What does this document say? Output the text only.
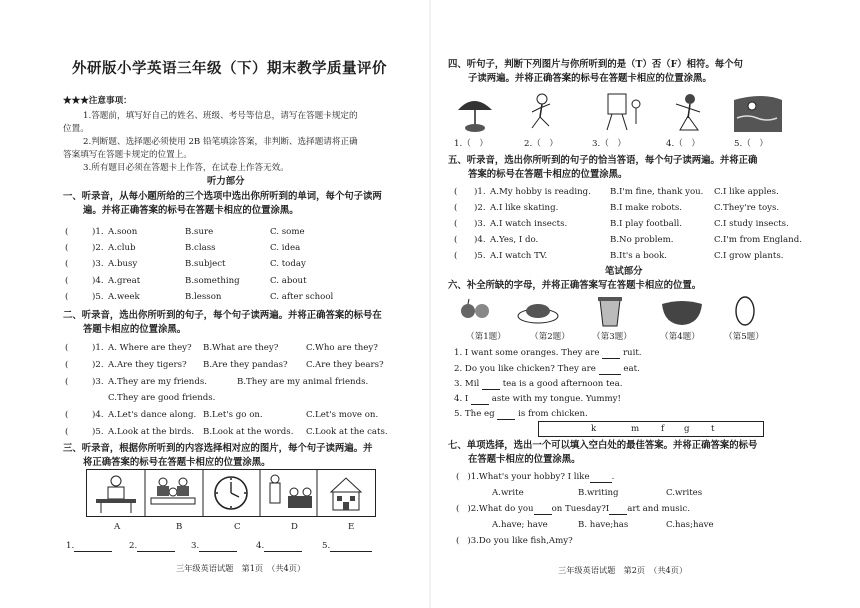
外研版小学英语三年级（下）期末教学质量评价
★★★注意事项：
1.答题前，填写好自己的姓名、班级、考号等信息，请写在答题卡规定的
位置。
2.判断题、选择题必须使用 2B 铅笔填涂答案，非判断、选择题请将正确
答案填写在答题卡规定的位置上。
3.所有题目必须在答题卡上作答，在试卷上作答无效。
听力部分
一、听录音，从每小题所给的三个选项中选出你所听到的单词，每个句子读两
遍。并将正确答案的标号在答题卡相应的位置涂黑。
(	)1. A.soon	B.sure	C. some
(	)2. A.club	B.class	C. idea
(	)3. A.busy	B.subject	C. today
(	)4. A.great	B.something	C. about
(	)5. A.week	B.lesson	C. after school
二、听录音，选出你所听到的句子，每个句子读两遍。并将正确答案的标号在
答题卡相应的位置涂黑。
(	)1. A. Where are they? B.What are they?	C.Who are they?
(	)2. A.Are they tigers? B.Are they pandas? C.Are they bears?
(	)3. A.They are my friends.	B.They are my animal friends.
C.They are good friends.
(	)4. A.Let's dance along. B.Let's go on.	C.Let's move on.
(	)5. A.Look at the birds. B.Look at the words. C.Look at the cats.
三、听录音，根据你所听到的内容选择相对应的图片，每个句子读两遍。并
将正确答案的标号在答题卡相应的位置涂黑。
A	B	C	D	E
1.	2.	3.	4.	5.
三年级英语试题　第1页　（共4页）
四、听句子，判断下列图片与你所听到的是（T）否（F）相符。每个句
子读两遍。并将正确答案的标号在答题卡相应的位置涂黑。
1.（　）	2.（　）	3.（　）	4.（　）	5.（　）
五、听录音，选出你所听到的句子的恰当答语，每个句子读两遍。并将正确
答案的标号在答题卡相应的位置涂黑。
( )1. A.My hobby is reading. B.I'm fine, thank you. C.I like apples.
( )2. A.I like skating.	B.I make robots.	C.They're toys.
( )3. A.I watch insects.	B.I play football.	C.I study insects.
( )4. A.Yes, I do.	B.No problem.	C.I'm from England.
( )5. A.I watch TV.	B.It's a book.	C.I grow plants.
笔试部分
六、补全所缺的字母，并将正确答案写在答题卡相应的位置。
（第1题）	（第2题）	（第3题）	（第4题）	（第5题）
1. I want some oranges. They are	ruit.
2. Do you like chicken? They are	eat.
3. Mil	tea is a good afternoon tea.
4. I	aste with my tongue. Yummy!
5. The eg	is from chicken.
k	m	f g t
七、单项选择，选出一个可以填入空白处的最佳答案。并将正确答案的标号
在答题卡相应的位置涂黑。
( )1.What's your hobby? I like	.
A.write	B.writing	C.writes
( )2.What do you on Tuesday?I art and music.
A.have; have	B. have;has	C.has;have
( )3.Do you like fish,Amy?
三年级英语试题　第2页　（共4页）
